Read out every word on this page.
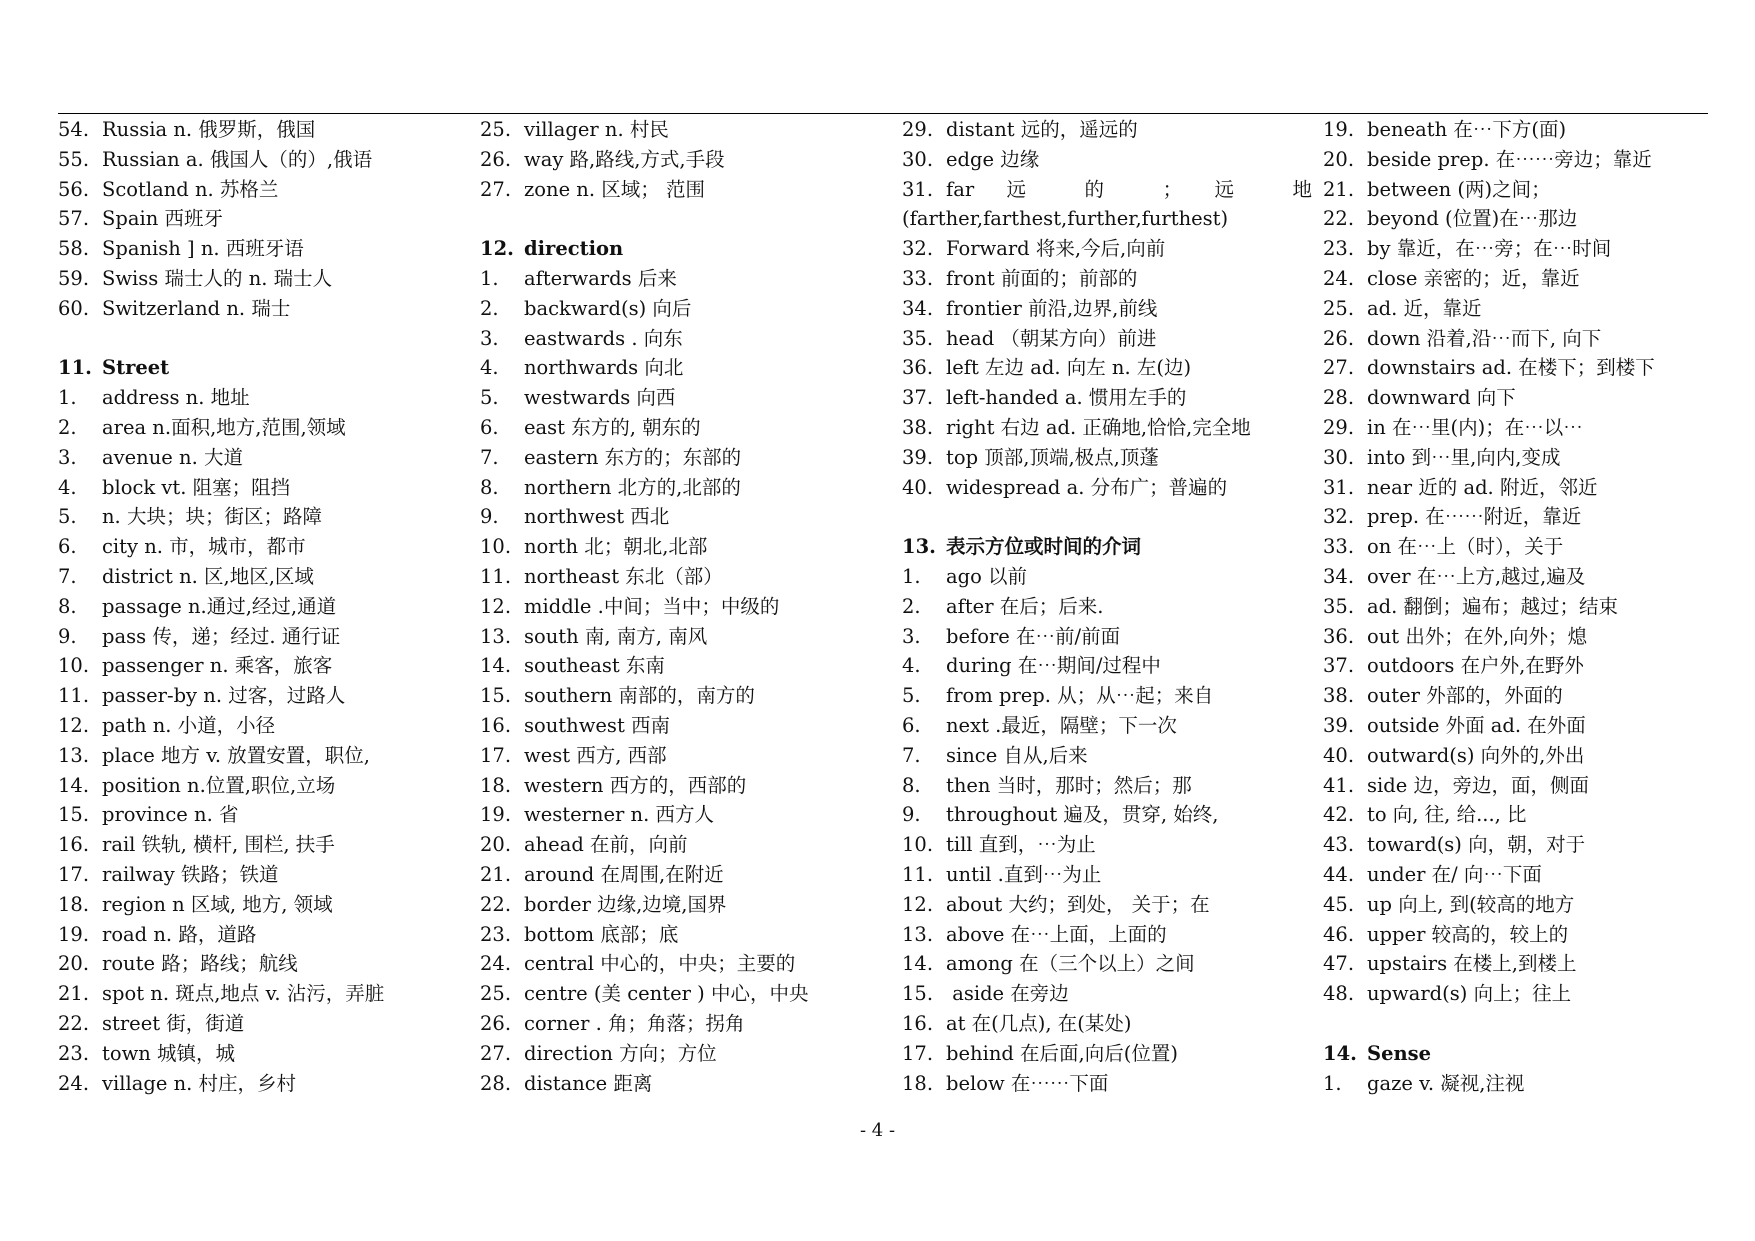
54. Russia n. 俄罗斯，俄国
55. Russian a. 俄国人（的）,俄语
56. Scotland n. 苏格兰
57. Spain 西班牙
58. Spanish ] n. 西班牙语
59. Swiss 瑞士人的 n. 瑞士人
60. Switzerland n. 瑞士
11. Street
1. address n. 地址
2. area n.面积,地方,范围,领域
3. avenue n. 大道
4. block vt. 阻塞；阻挡
5. n. 大块；块；街区；路障
6. city n. 市，城市，都市
7. district n. 区,地区,区域
8. passage n.通过,经过,通道
9. pass 传，递；经过. 通行证
10. passenger n. 乘客，旅客
11. passer-by n. 过客，过路人
12. path n. 小道，小径
13. place 地方 v. 放置安置，职位,
14. position n.位置,职位,立场
15. province n. 省
16. rail 铁轨, 横杆, 围栏, 扶手
17. railway 铁路；铁道
18. region n 区域, 地方, 领域
19. road n. 路，道路
20. route 路；路线；航线
21. spot n. 斑点,地点 v. 沾污，弄脏
22. street 街，街道
23. town 城镇，城
24. village n. 村庄，乡村
25. villager n. 村民
26. way 路,路线,方式,手段
27. zone n. 区域； 范围
12. direction
1. afterwards 后来
2. backward(s) 向后
3. eastwards . 向东
4. northwards 向北
5. westwards 向西
6. east 东方的, 朝东的
7. eastern 东方的；东部的
8. northern 北方的,北部的
9. northwest 西北
10. north 北；朝北,北部
11. northeast 东北（部）
12. middle .中间；当中；中级的
13. south 南, 南方, 南风
14. southeast 东南
15. southern 南部的，南方的
16. southwest 西南
17. west 西方, 西部
18. western 西方的，西部的
19. westerner n. 西方人
20. ahead 在前，向前
21. around 在周围,在附近
22. border 边缘,边境,国界
23. bottom 底部；底
24. central 中心的，中央；主要的
25. centre (美 center ) 中心，中央
26. corner . 角；角落；拐角
27. direction 方向；方位
28. distance 距离
29. distant 远的，遥远的
30. edge 边缘
31. far 远 的 ； 远 地
(farther,farthest,further,furthest)
32. Forward 将来,今后,向前
33. front 前面的；前部的
34. frontier 前沿,边界,前线
35. head （朝某方向）前进
36. left 左边 ad. 向左 n. 左(边)
37. left-handed a. 惯用左手的
38. right 右边 ad. 正确地,恰恰,完全地
39. top 顶部,顶端,极点,顶蓬
40. widespread a. 分布广；普遍的
13. 表示方位或时间的介词
1. ago 以前
2. after 在后；后来.
3. before 在⋯前/前面
4. during 在⋯期间/过程中
5. from prep. 从；从⋯起；来自
6. next .最近，隔壁；下一次
7. since 自从,后来
8. then 当时，那时；然后；那
9. throughout 遍及，贯穿, 始终,
10. till 直到，⋯为止
11. until .直到⋯为止
12. about 大约；到处， 关于；在
13. above 在⋯上面，上面的
14. among 在（三个以上）之间
15. aside 在旁边
16. at 在(几点), 在(某处)
17. behind 在后面,向后(位置)
18. below 在⋯⋯下面
19. beneath 在⋯下方(面)
20. beside prep. 在⋯⋯旁边；靠近
21. between (两)之间；
22. beyond (位置)在⋯那边
23. by 靠近，在⋯旁；在⋯时间
24. close 亲密的；近，靠近
25. ad. 近，靠近
26. down 沿着,沿⋯而下, 向下
27. downstairs ad. 在楼下；到楼下
28. downward 向下
29. in 在⋯里(内)；在⋯以⋯
30. into 到⋯里,向内,变成
31. near 近的 ad. 附近，邻近
32. prep. 在⋯⋯附近，靠近
33. on 在⋯上（时），关于
34. over 在⋯上方,越过,遍及
35. ad. 翻倒；遍布；越过；结束
36. out 出外；在外,向外；熄
37. outdoors 在户外,在野外
38. outer 外部的，外面的
39. outside 外面 ad. 在外面
40. outward(s) 向外的,外出
41. side 边，旁边，面，侧面
42. to 向, 往, 给..., 比
43. toward(s) 向，朝，对于
44. under 在/ 向⋯下面
45. up 向上, 到(较高的地方
46. upper 较高的，较上的
47. upstairs 在楼上,到楼上
48. upward(s) 向上；往上
14. Sense
1. gaze v. 凝视,注视
- 4 -
